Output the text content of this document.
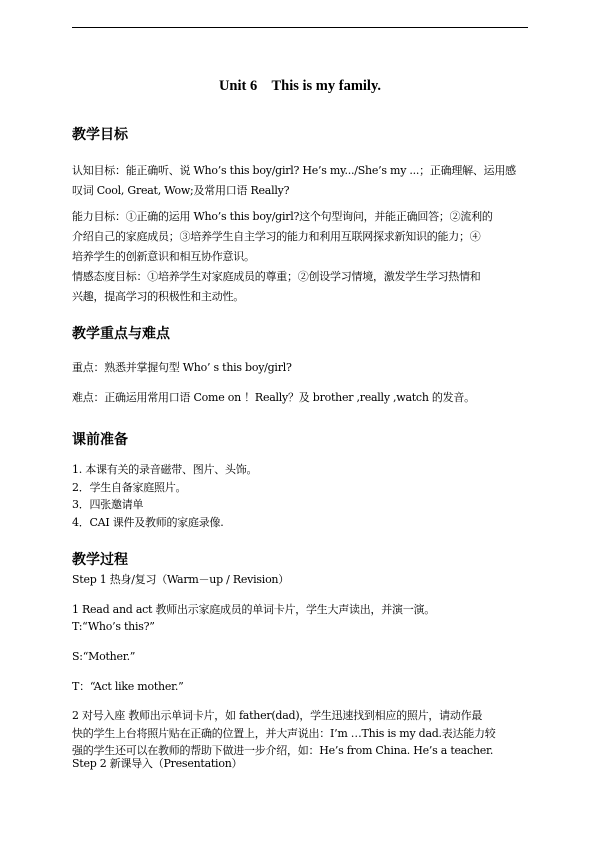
Unit 6    This is my family.
教学目标
认知目标：能正确听、说 Who’s this boy/girl? He’s my.../She’s my ...；正确理解、运用感
叹词 Cool, Great, Wow;及常用口语 Really?
能力目标：①正确的运用 Who’s this boy/girl?这个句型询问，并能正确回答；②流利的
介绍自己的家庭成员；③培养学生自主学习的能力和利用互联网探求新知识的能力；④
培养学生的创新意识和相互协作意识。
情感态度目标：①培养学生对家庭成员的尊重；②创设学习情境，激发学生学习热情和
兴趣，提高学习的积极性和主动性。
教学重点与难点
重点：熟悉并掌握句型 Who’ s this boy/girl?
难点：正确运用常用口语 Come on ！Really？及 brother ,really ,watch 的发音。
课前准备
1. 本课有关的录音磁带、图片、头饰。
2．学生自备家庭照片。
3．四张邀请单
4．CAI 课件及教师的家庭录像.
教学过程
Step 1 热身/复习（Warm－up / Revision）
1 Read and act 教师出示家庭成员的单词卡片，学生大声读出，并演一演。
T:“Who’s this?”
S:“Mother.”
T：“Act like mother.”
2 对号入座 教师出示单词卡片，如 father(dad)，学生迅速找到相应的照片，请动作最
快的学生上台将照片贴在正确的位置上，并大声说出：I’m …This is my dad.表达能力较
强的学生还可以在教师的帮助下做进一步介绍，如：He’s from China. He’s a teacher.
Step 2 新课导入（Presentation）
